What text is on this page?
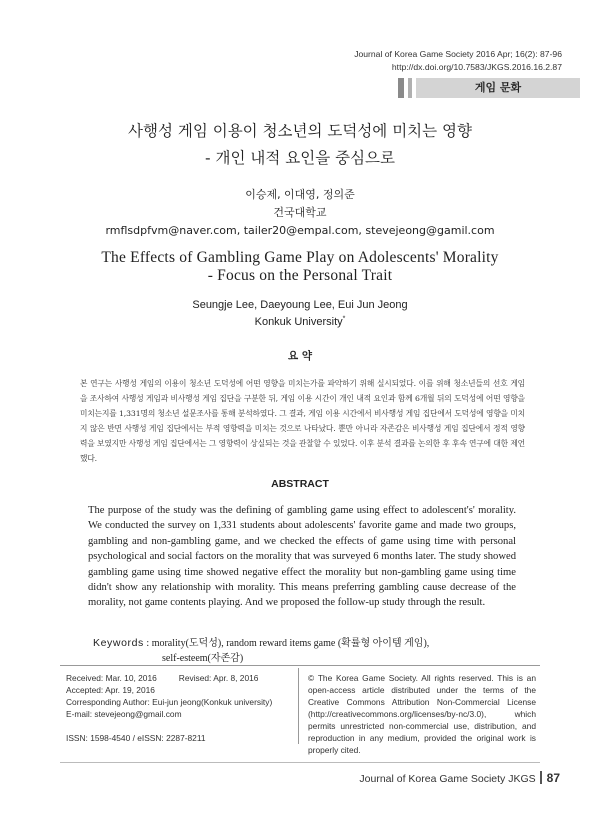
Journal of Korea Game Society 2016 Apr; 16(2): 87-96
http://dx.doi.org/10.7583/JKGS.2016.16.2.87
게임 문화
사행성 게임 이용이 청소년의 도덕성에 미치는 영향
- 개인 내적 요인을 중심으로
이승제, 이대영, 정의준
건국대학교
rmflsdpfvm@naver.com, tailer20@empal.com, stevejeong@gamil.com
The Effects of Gambling Game Play on Adolescents' Morality
- Focus on the Personal Trait
Seungje Lee, Daeyoung Lee, Eui Jun Jeong
Konkuk University*
요 약

본 연구는 사행성 게임의 이용이 청소년 도덕성에 어떤 영향을 미치는가를 파악하기 위해 실시되었다. 이를 위해 청소년들의 선호 게임을 조사하여 사행성 게임과 비사행성 게임 집단을 구분한 뒤, 게임 이용 시간이 개인 내적 요인과 함께 6개월 뒤의 도덕성에 어떤 영향을 미치는지를 1,331명의 청소년 설문조사를 통해 분석하였다. 그 결과, 게임 이용 시간에서 비사행성 게임 집단에서 도덕성에 영향을 미치지 않은 반면 사행성 게임 집단에서는 부적 영향력을 미치는 것으로 나타났다. 뿐만 아니라 자존감은 비사행성 게임 집단에서 정적 영향력을 보였지만 사행성 게임 집단에서는 그 영향력이 상실되는 것을 관찰할 수 있었다. 이후 분석 결과를 논의한 후 후속 연구에 대한 제언했다.

ABSTRACT

The purpose of the study was the defining of gambling game using effect to adolescent's' morality. We conducted the survey on 1,331 students about adolescents' favorite game and made two groups, gambling and non-gambling game, and we checked the effects of game using time with personal psychological and social factors on the morality that was surveyed 6 months later. The study showed gambling game using time showed negative effect the morality but non-gambling game using time didn't show any relationship with morality. This means preferring gambling cause decrease of the morality, not game contents playing. And we proposed the follow-up study through the result.

Keywords : morality(도덕성), random reward items game (확률형 아이템 게임),
self-esteem(자존감)
Received: Mar. 10, 2016	Revised: Apr. 8, 2016
Accepted: Apr. 19, 2016
Corresponding Author: Eui-jun jeong(Konkuk university)
E-mail: stevejeong@gmail.com
ISSN: 1598-4540 / eISSN: 2287-8211
© The Korea Game Society. All rights reserved. This is an open-access article distributed under the terms of the Creative Commons Attribution Non-Commercial License (http://creativecommons.org/licenses/by-nc/3.0), which permits unrestricted non-commercial use, distribution, and reproduction in any medium, provided the original work is properly cited.
Journal of Korea Game Society JKGS 87
